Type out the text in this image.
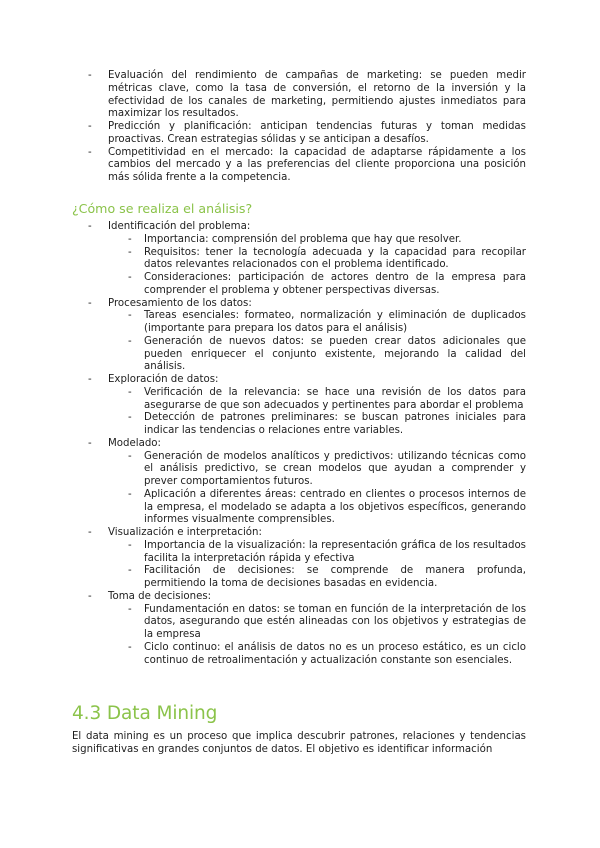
- Evaluación del rendimiento de campañas de marketing: se pueden medir métricas clave, como la tasa de conversión, el retorno de la inversión y la efectividad de los canales de marketing, permitiendo ajustes inmediatos para maximizar los resultados.
- Predicción y planificación: anticipan tendencias futuras y toman medidas proactivas. Crean estrategias sólidas y se anticipan a desafíos.
- Competitividad en el mercado: la capacidad de adaptarse rápidamente a los cambios del mercado y a las preferencias del cliente proporciona una posición más sólida frente a la competencia.
¿Cómo se realiza el análisis?
- Identificación del problema:
- Importancia: comprensión del problema que hay que resolver.
- Requisitos: tener la tecnología adecuada y la capacidad para recopilar datos relevantes relacionados con el problema identificado.
- Consideraciones: participación de actores dentro de la empresa para comprender el problema y obtener perspectivas diversas.
- Procesamiento de los datos:
- Tareas esenciales: formateo, normalización y eliminación de duplicados (importante para prepara los datos para el análisis)
- Generación de nuevos datos: se pueden crear datos adicionales que pueden enriquecer el conjunto existente, mejorando la calidad del análisis.
- Exploración de datos:
- Verificación de la relevancia: se hace una revisión de los datos para asegurarse de que son adecuados y pertinentes para abordar el problema
- Detección de patrones preliminares: se buscan patrones iniciales para indicar las tendencias o relaciones entre variables.
- Modelado:
- Generación de modelos analíticos y predictivos: utilizando técnicas como el análisis predictivo, se crean modelos que ayudan a comprender y prever comportamientos futuros.
- Aplicación a diferentes áreas: centrado en clientes o procesos internos de la empresa, el modelado se adapta a los objetivos específicos, generando informes visualmente comprensibles.
- Visualización e interpretación:
- Importancia de la visualización: la representación gráfica de los resultados facilita la interpretación rápida y efectiva
- Facilitación de decisiones: se comprende de manera profunda, permitiendo la toma de decisiones basadas en evidencia.
- Toma de decisiones:
- Fundamentación en datos: se toman en función de la interpretación de los datos, asegurando que estén alineadas con los objetivos y estrategias de la empresa
- Ciclo continuo: el análisis de datos no es un proceso estático, es un ciclo continuo de retroalimentación y actualización constante son esenciales.
4.3 Data Mining

El data mining es un proceso que implica descubrir patrones, relaciones y tendencias significativas en grandes conjuntos de datos. El objetivo es identificar información
